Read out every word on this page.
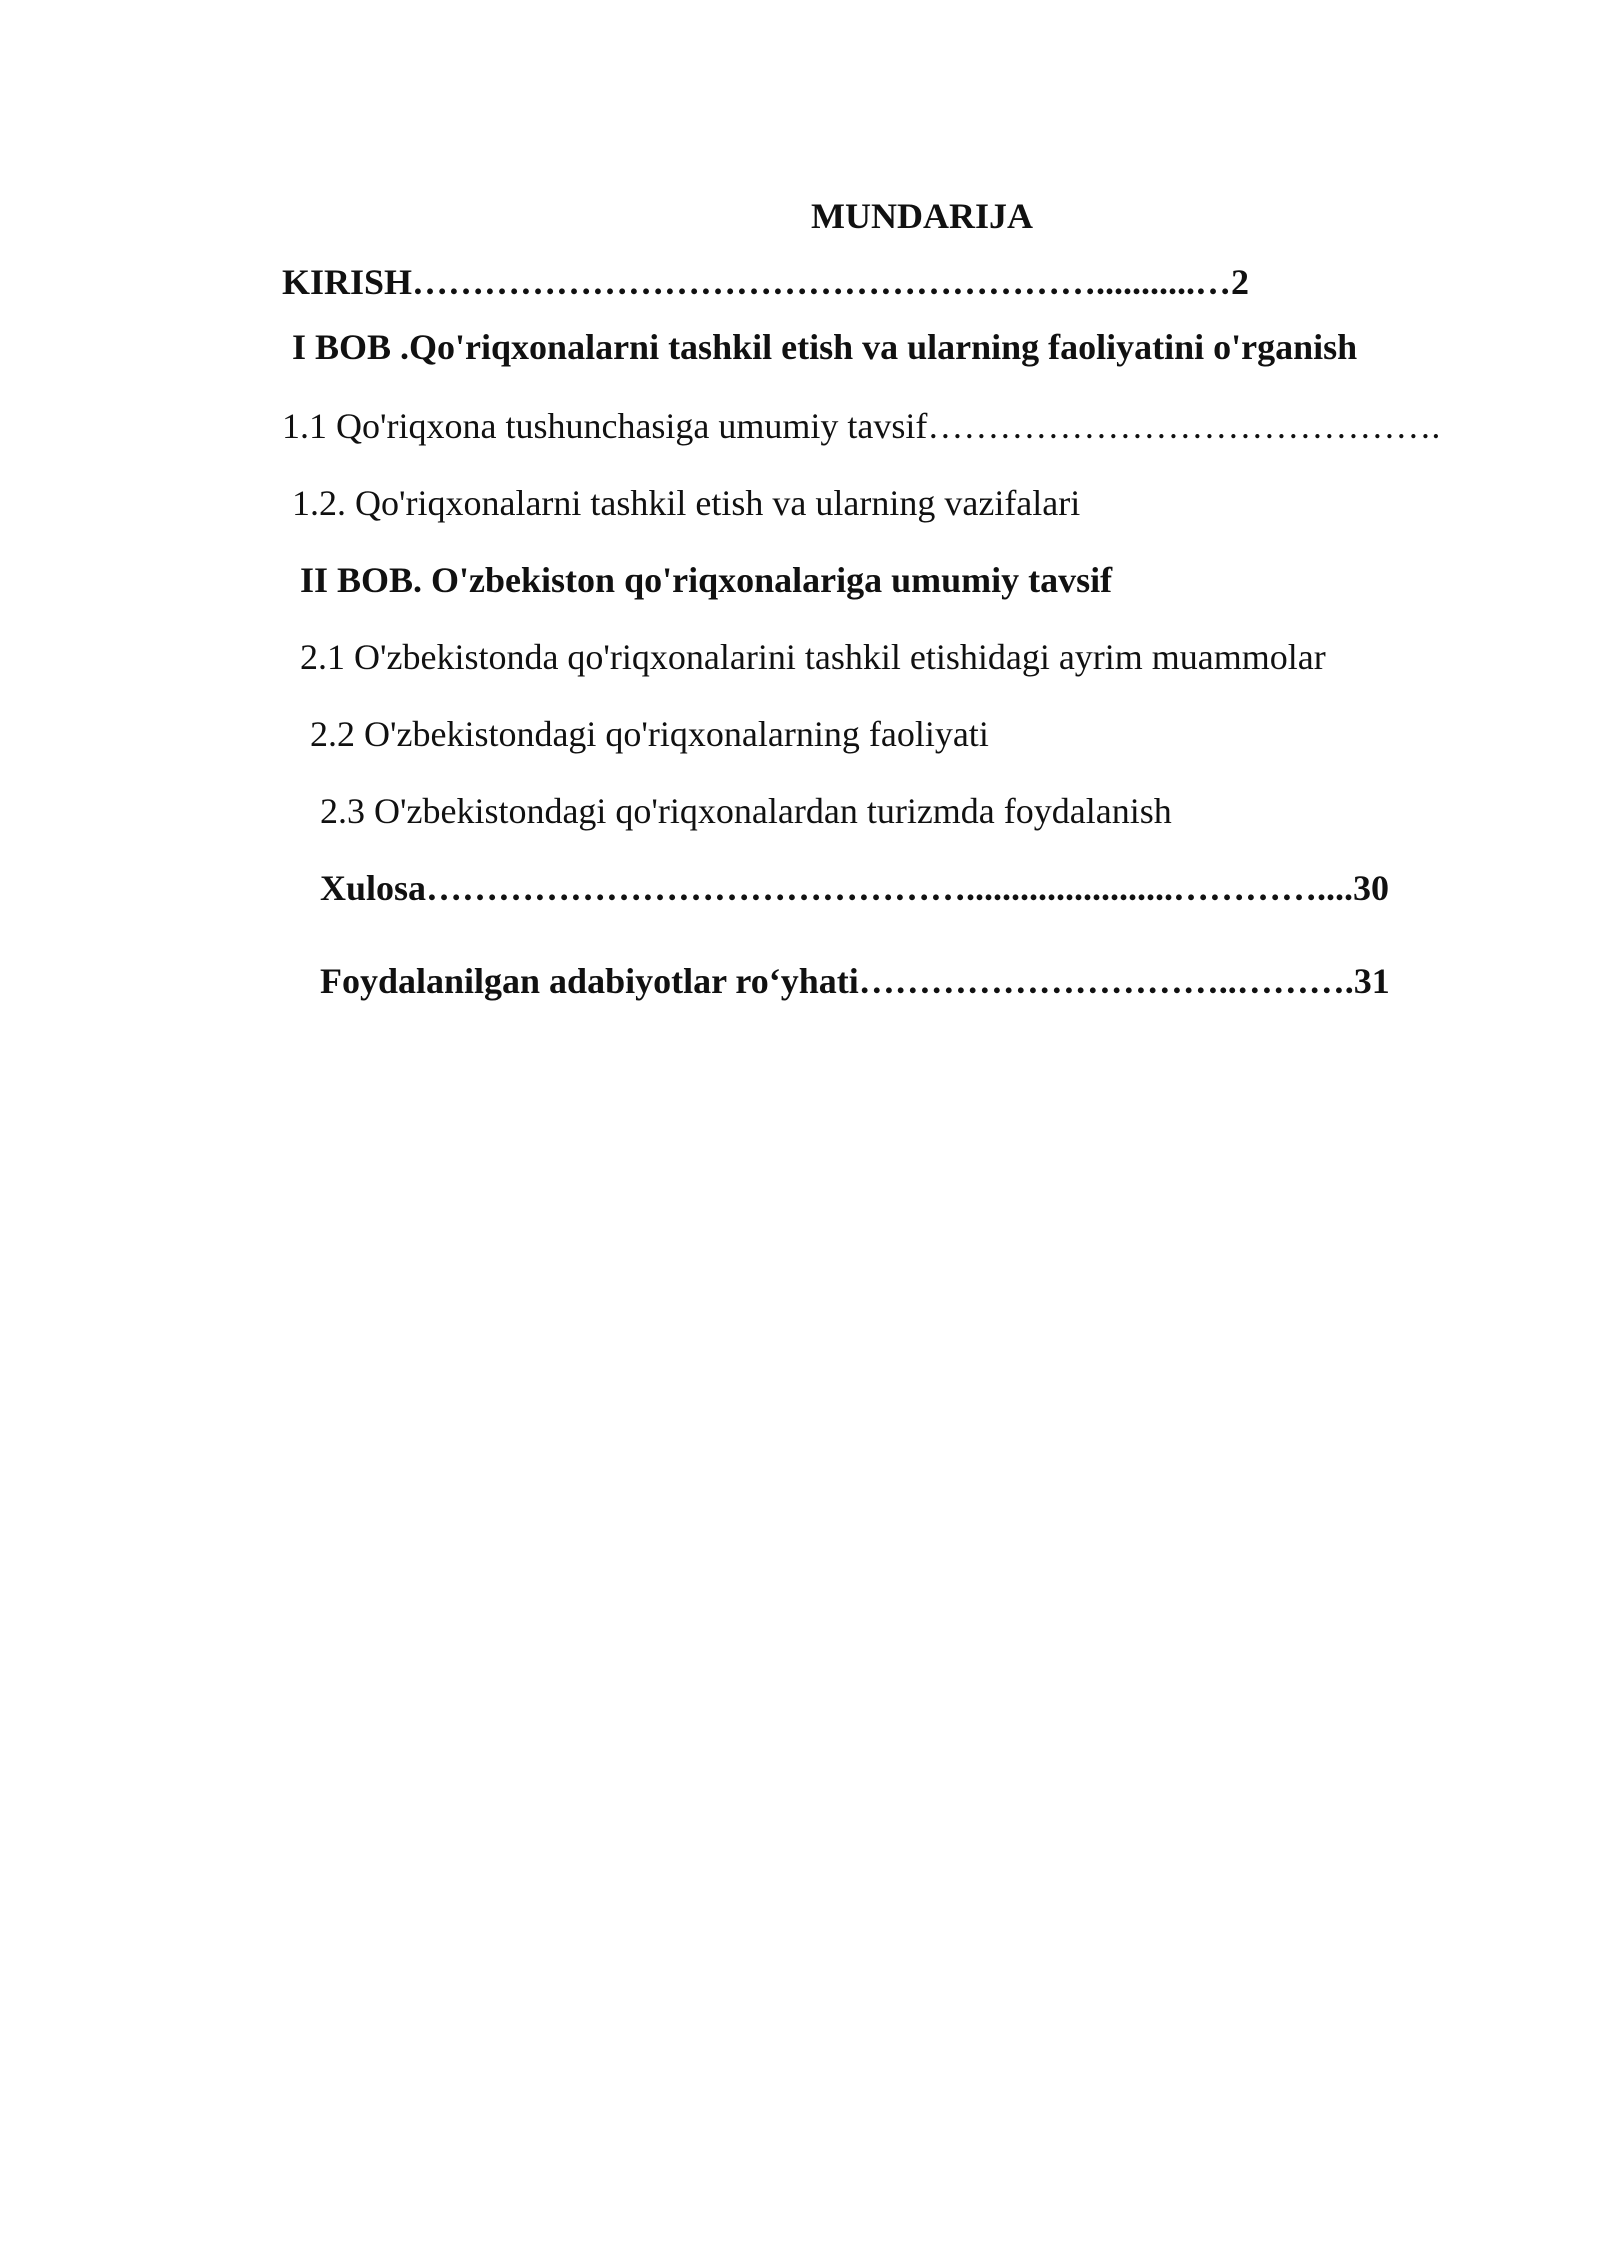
MUNDARIJA

KIRISH…………………………………………………...........…2

I BOB .Qo'riqxonalarni tashkil etish va ularning faoliyatini o'rganish

1.1 Qo'riqxona tushunchasiga umumiy tavsif…………………………………….

1.2. Qo'riqxonalarni tashkil etish va ularning vazifalari

II BOB. O'zbekiston qo'riqxonalariga umumiy tavsif

2.1 O'zbekistonda qo'riqxonalarini tashkil etishidagi ayrim muammolar

2.2 O'zbekistondagi qo'riqxonalarning faoliyati

2.3 O'zbekistondagi qo'riqxonalardan turizmda foydalanish

Xulosa……………………………………….......................…………....30

Foydalanilgan adabiyotlar ro‘yhati…………………………..……….31
